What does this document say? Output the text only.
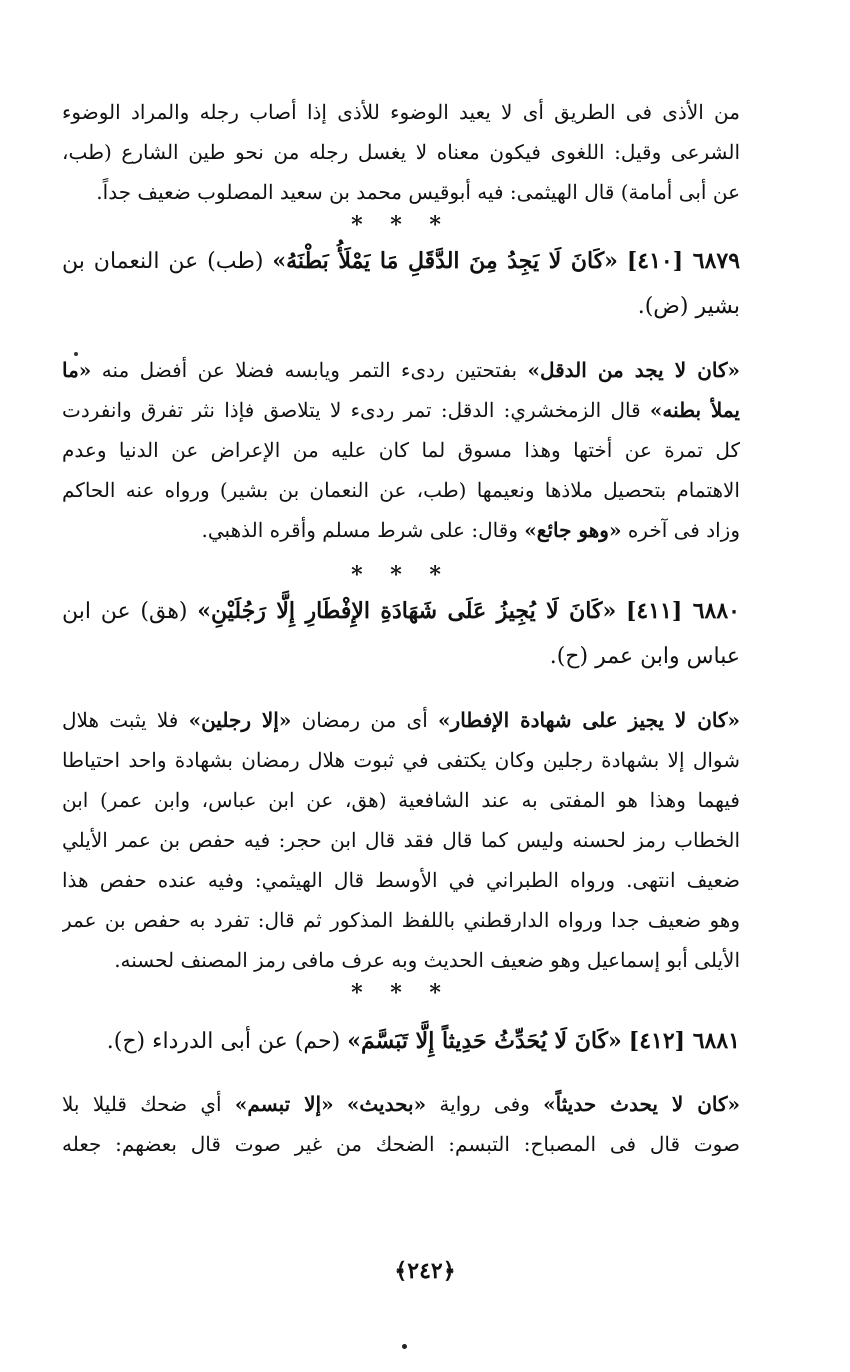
من الأذى فى الطريق أى لا يعيد الوضوء للأذى إذا أصاب رجله والمراد الوضوء
الشرعى وقيل: اللغوى فيكون معناه لا يغسل رجله من نحو طين الشارع (طب،
عن أبى أمامة) قال الهيثمى: فيه أبوقيس محمد بن سعيد المصلوب ضعيف جداً.
* * *
٦٨٧٩ [٤١٠] «كَانَ لَا يَجِدُ مِنَ الدَّقَلِ مَا يَمْلَأُ بَطْنَهُ» (طب) عن النعمان بن
بشير (ض).
«كان لا يجد من الدقل» بفتحتين ردىء التمر ويابسه فضلا عن أفضل منه «ما
يملأ بطنه» قال الزمخشري: الدقل: تمر ردىء لا يتلاصق فإذا نثر تفرق وانفردت
كل تمرة عن أختها وهذا مسوق لما كان عليه من الإعراض عن الدنيا وعدم
الاهتمام بتحصيل ملاذها ونعيمها (طب، عن النعمان بن بشير) ورواه عنه الحاكم
وزاد فى آخره «وهو جائع» وقال: على شرط مسلم وأقره الذهبي.
* * *
٦٨٨٠ [٤١١] «كَانَ لَا يُجِيزُ عَلَى شَهَادَةِ الإِفْطَارِ إِلَّا رَجُلَيْنِ» (هق) عن ابن
عباس وابن عمر (ح).
«كان لا يجيز على شهادة الإفطار» أى من رمضان «إلا رجلين» فلا يثبت هلال
شوال إلا بشهادة رجلين وكان يكتفى في ثبوت هلال رمضان بشهادة واحد احتياطا
فيهما وهذا هو المفتى به عند الشافعية (هق، عن ابن عباس، وابن عمر) ابن
الخطاب رمز لحسنه وليس كما قال فقد قال ابن حجر: فيه حفص بن عمر الأيلي
ضعيف انتهى. ورواه الطبراني في الأوسط قال الهيثمي: وفيه عنده حفص هذا
وهو ضعيف جدا ورواه الدارقطني باللفظ المذكور ثم قال: تفرد به حفص بن عمر
الأيلى أبو إسماعيل وهو ضعيف الحديث وبه عرف مافى رمز المصنف لحسنه.
* * *
٦٨٨١ [٤١٢] «كَانَ لَا يُحَدِّثُ حَدِيثاً إِلَّا تَبَسَّمَ» (حم) عن أبى الدرداء (ح).
«كان لا يحدث حديثاً» وفى رواية «بحديث» «إلا تبسم» أي ضحك قليلا بلا
صوت قال فى المصباح: التبسم: الضحك من غير صوت قال بعضهم: جعله
﴿٢٤٢﴾
